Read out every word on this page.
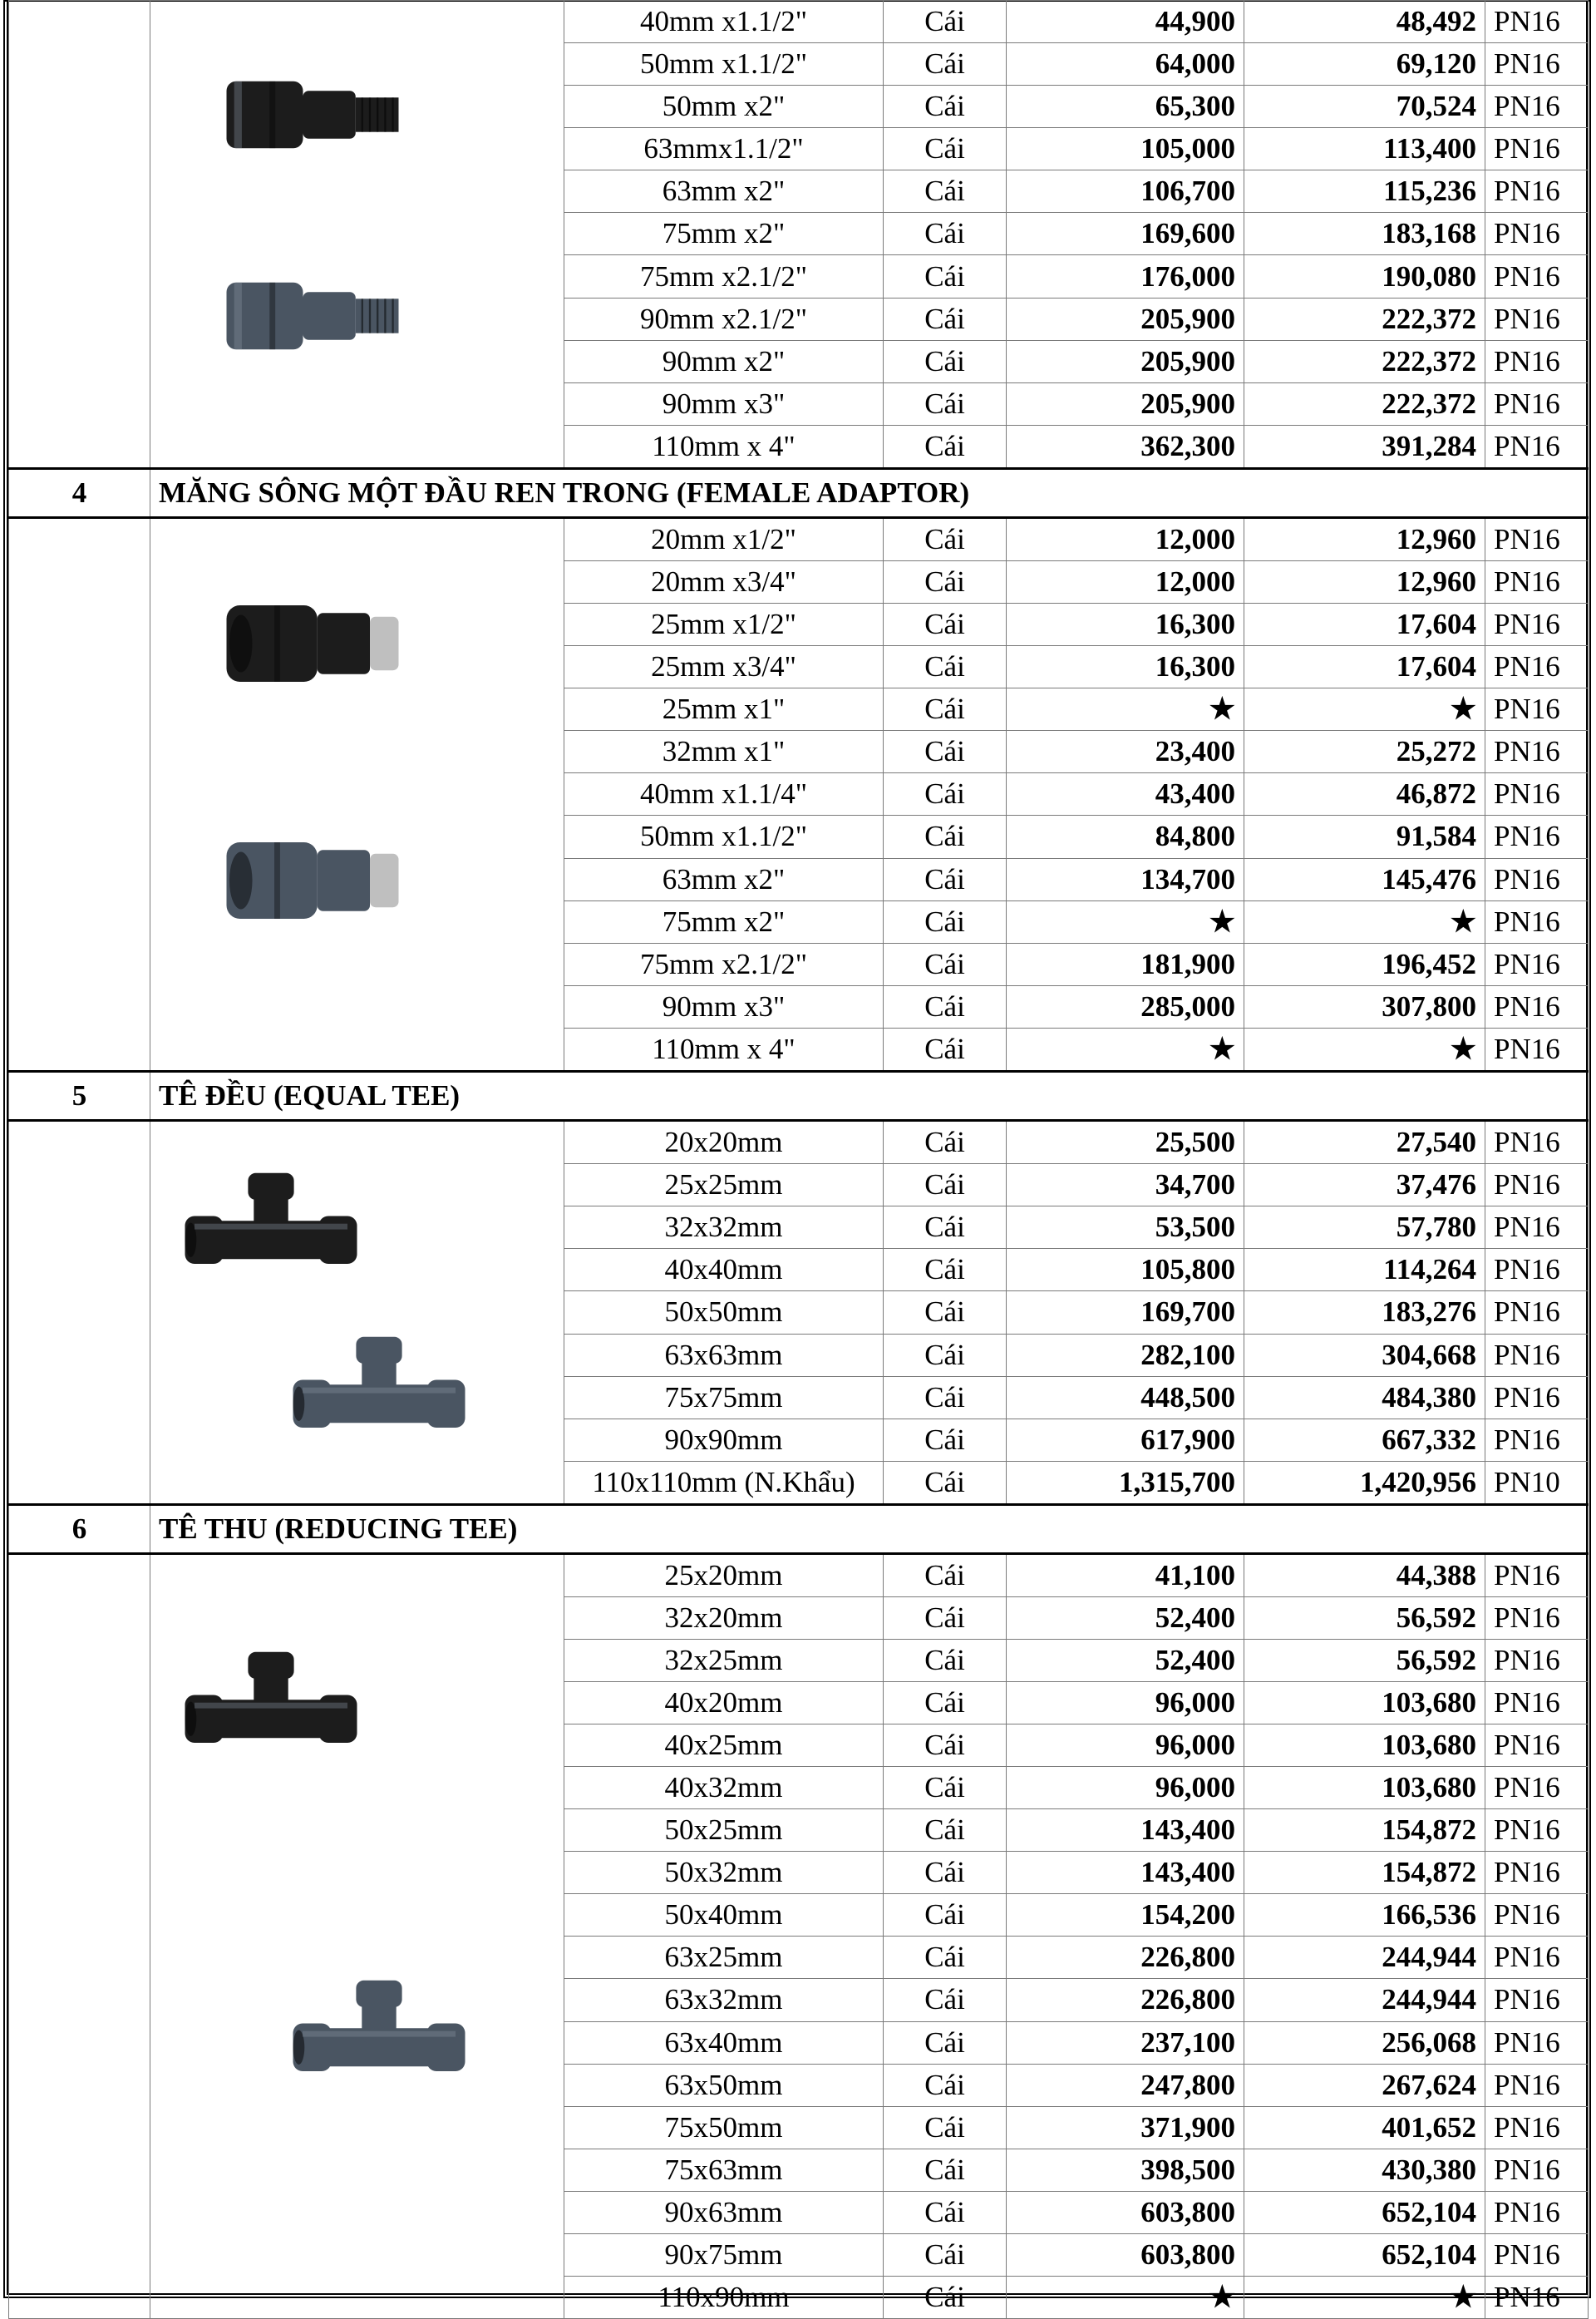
	40mm x1.1/2"	Cái	44,900	48,492	PN16
		50mm x1.1/2"	Cái	64,000	69,120	PN16
		50mm x2"	Cái	65,300	70,524	PN16
		63mmx1.1/2"	Cái	105,000	113,400	PN16
		63mm x2"	Cái	106,700	115,236	PN16
		75mm x2"	Cái	169,600	183,168	PN16
		75mm x2.1/2"	Cái	176,000	190,080	PN16
		90mm x2.1/2"	Cái	205,900	222,372	PN16
		90mm x2"	Cái	205,900	222,372	PN16
		90mm x3"	Cái	205,900	222,372	PN16
		110mm x 4"	Cái	362,300	391,284	PN16
4	MĂNG SÔNG MỘT ĐẦU REN TRONG (FEMALE ADAPTOR)					

	20mm x1/2"	Cái	12,000	12,960	PN16
		20mm x3/4"	Cái	12,000	12,960	PN16
		25mm x1/2"	Cái	16,300	17,604	PN16
		25mm x3/4"	Cái	16,300	17,604	PN16
		25mm x1"	Cái	★	★	PN16
		32mm x1"	Cái	23,400	25,272	PN16
		40mm x1.1/4"	Cái	43,400	46,872	PN16
		50mm x1.1/2"	Cái	84,800	91,584	PN16
		63mm x2"	Cái	134,700	145,476	PN16
		75mm x2"	Cái	★	★	PN16
		75mm x2.1/2"	Cái	181,900	196,452	PN16
		90mm x3"	Cái	285,000	307,800	PN16
		110mm x 4"	Cái	★	★	PN16
5	TÊ ĐỀU (EQUAL TEE)					

	20x20mm	Cái	25,500	27,540	PN16
		25x25mm	Cái	34,700	37,476	PN16
		32x32mm	Cái	53,500	57,780	PN16
		40x40mm	Cái	105,800	114,264	PN16
		50x50mm	Cái	169,700	183,276	PN16
		63x63mm	Cái	282,100	304,668	PN16
		75x75mm	Cái	448,500	484,380	PN16
		90x90mm	Cái	617,900	667,332	PN16
		110x110mm (N.Khẩu)	Cái	1,315,700	1,420,956	PN10
6	TÊ THU (REDUCING TEE)					

	25x20mm	Cái	41,100	44,388	PN16
		32x20mm	Cái	52,400	56,592	PN16
		32x25mm	Cái	52,400	56,592	PN16
		40x20mm	Cái	96,000	103,680	PN16
		40x25mm	Cái	96,000	103,680	PN16
		40x32mm	Cái	96,000	103,680	PN16
		50x25mm	Cái	143,400	154,872	PN16
		50x32mm	Cái	143,400	154,872	PN16
		50x40mm	Cái	154,200	166,536	PN16
		63x25mm	Cái	226,800	244,944	PN16
		63x32mm	Cái	226,800	244,944	PN16
		63x40mm	Cái	237,100	256,068	PN16
		63x50mm	Cái	247,800	267,624	PN16
		75x50mm	Cái	371,900	401,652	PN16
		75x63mm	Cái	398,500	430,380	PN16
		90x63mm	Cái	603,800	652,104	PN16
		90x75mm	Cái	603,800	652,104	PN16
		110x90mm	Cái	★	★	PN16
